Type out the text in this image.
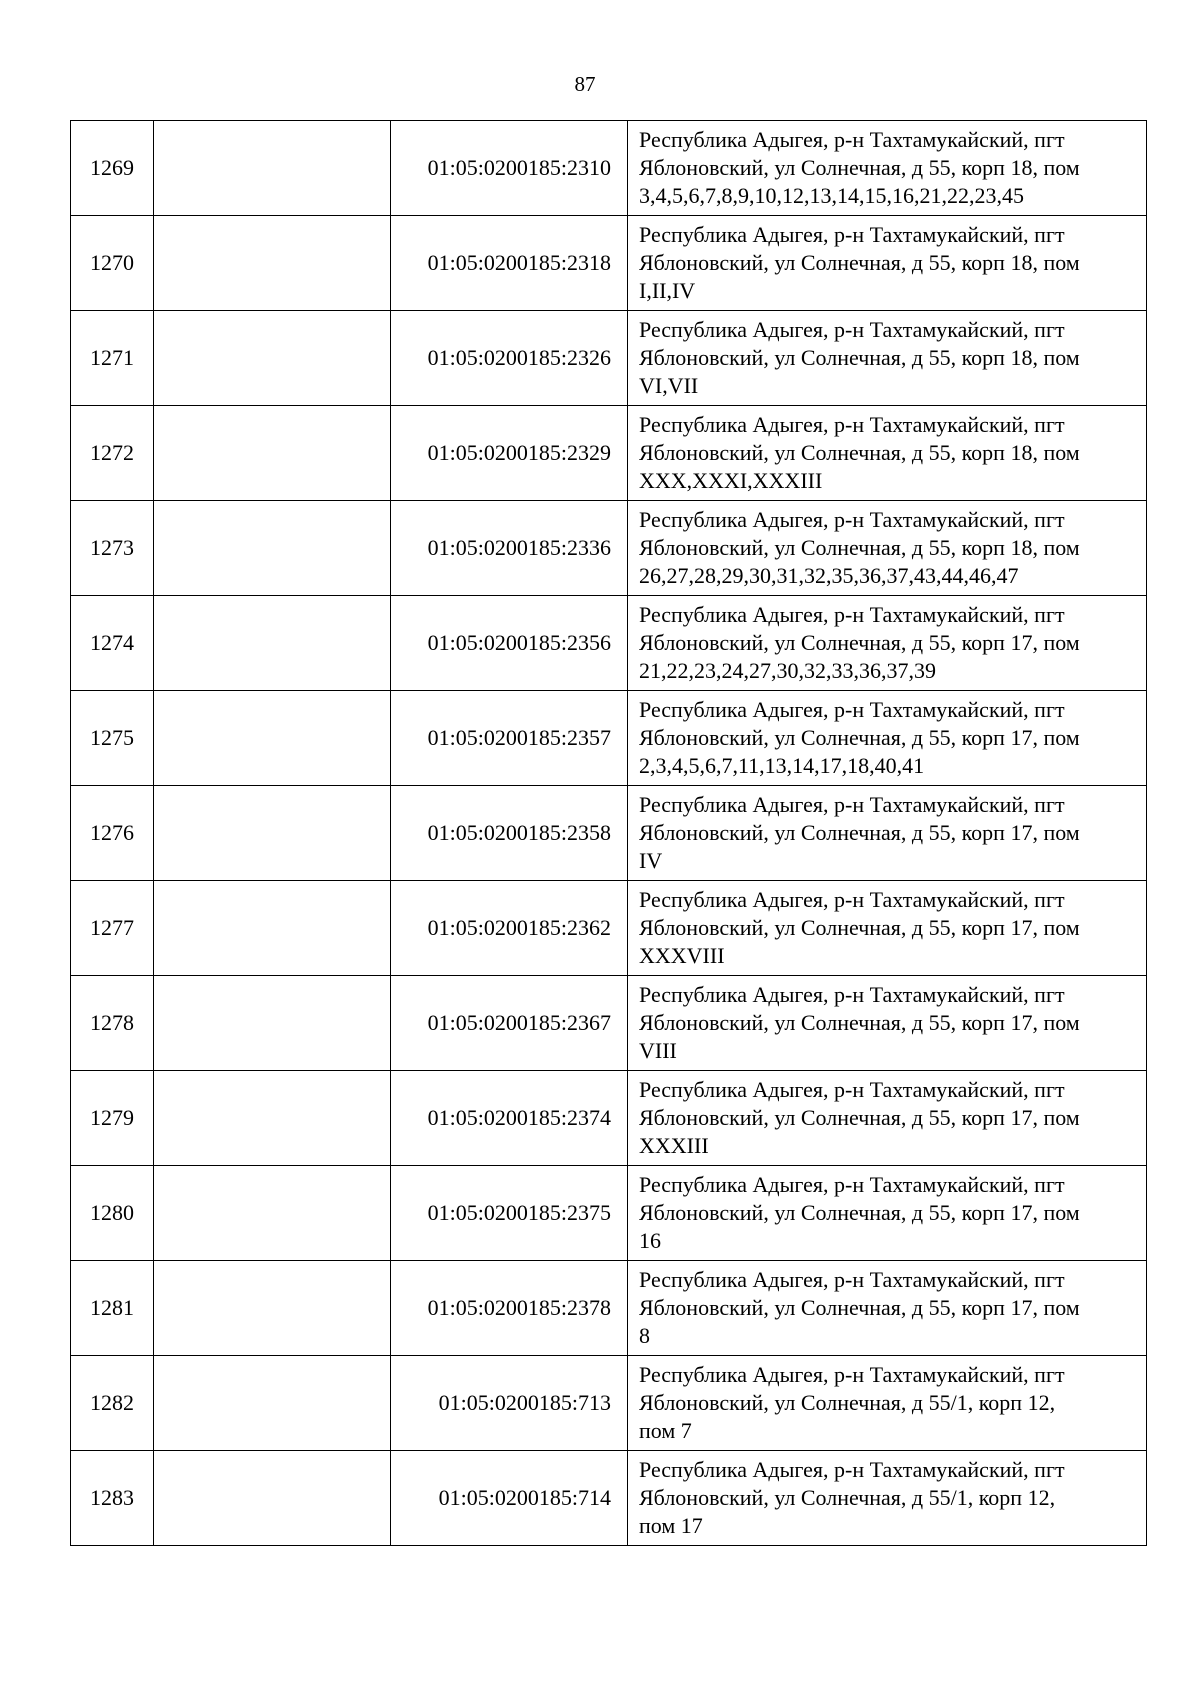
87
1269		01:05:0200185:2310	Республика Адыгея, р-н Тахтамукайский, пгт
Яблоновский, ул Солнечная, д 55, корп 18, пом
3,4,5,6,7,8,9,10,12,13,14,15,16,21,22,23,45

1270		01:05:0200185:2318	Республика Адыгея, р-н Тахтамукайский, пгт
Яблоновский, ул Солнечная, д 55, корп 18, пом
I,II,IV

1271		01:05:0200185:2326	Республика Адыгея, р-н Тахтамукайский, пгт
Яблоновский, ул Солнечная, д 55, корп 18, пом
VI,VII

1272		01:05:0200185:2329	Республика Адыгея, р-н Тахтамукайский, пгт
Яблоновский, ул Солнечная, д 55, корп 18, пом
XXX,XXXI,XXXIII

1273		01:05:0200185:2336	Республика Адыгея, р-н Тахтамукайский, пгт
Яблоновский, ул Солнечная, д 55, корп 18, пом
26,27,28,29,30,31,32,35,36,37,43,44,46,47

1274		01:05:0200185:2356	Республика Адыгея, р-н Тахтамукайский, пгт
Яблоновский, ул Солнечная, д 55, корп 17, пом
21,22,23,24,27,30,32,33,36,37,39

1275		01:05:0200185:2357	Республика Адыгея, р-н Тахтамукайский, пгт
Яблоновский, ул Солнечная, д 55, корп 17, пом
2,3,4,5,6,7,11,13,14,17,18,40,41

1276		01:05:0200185:2358	Республика Адыгея, р-н Тахтамукайский, пгт
Яблоновский, ул Солнечная, д 55, корп 17, пом
IV

1277		01:05:0200185:2362	Республика Адыгея, р-н Тахтамукайский, пгт
Яблоновский, ул Солнечная, д 55, корп 17, пом
XXXVIII

1278		01:05:0200185:2367	Республика Адыгея, р-н Тахтамукайский, пгт
Яблоновский, ул Солнечная, д 55, корп 17, пом
VIII

1279		01:05:0200185:2374	Республика Адыгея, р-н Тахтамукайский, пгт
Яблоновский, ул Солнечная, д 55, корп 17, пом
XXXIII

1280		01:05:0200185:2375	Республика Адыгея, р-н Тахтамукайский, пгт
Яблоновский, ул Солнечная, д 55, корп 17, пом
16

1281		01:05:0200185:2378	Республика Адыгея, р-н Тахтамукайский, пгт
Яблоновский, ул Солнечная, д 55, корп 17, пом
8

1282		01:05:0200185:713	Республика Адыгея, р-н Тахтамукайский, пгт
Яблоновский, ул Солнечная, д 55/1, корп 12,
пом 7

1283		01:05:0200185:714	Республика Адыгея, р-н Тахтамукайский, пгт
Яблоновский, ул Солнечная, д 55/1, корп 12,
пом 17
